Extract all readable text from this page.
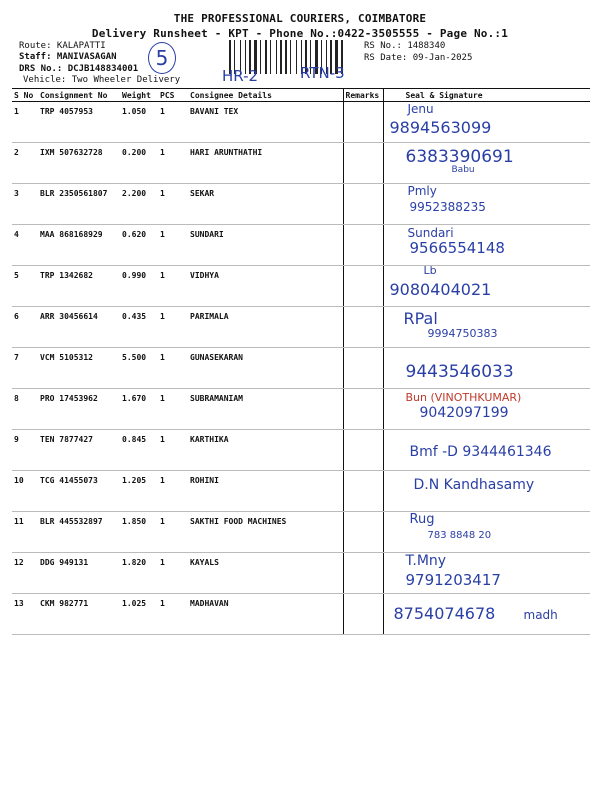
THE PROFESSIONAL COURIERS, COIMBATORE
Delivery Runsheet - KPT - Phone No.:0422-3505555 - Page No.:1
Route: KALAPATTI
Staff: MANIVASAGAN
DRS No.: DCJB148834001
Vehicle: Two Wheeler Delivery
RS No.: 1488340
RS Date: 09-Jan-2025
5
HR-2	RTN-3
S No	Consignment No	Weight	PCS	Consignee Details	Remarks	Seal & Signature
1	TRP 4057953	1.050	1	BAVANI TEX		Jenu
9894563099

2	IXM 507632728	0.200	1	HARI ARUNTHATHI		6383390691
Babu

3	BLR 2350561807	2.200	1	SEKAR		Pmly
9952388235

4	MAA 868168929	0.620	1	SUNDARI		Sundari
9566554148

5	TRP 1342682	0.990	1	VIDHYA		Lb
9080404021

6	ARR 30456614	0.435	1	PARIMALA		RPal
9994750383

7	VCM 5105312	5.500	1	GUNASEKARAN		9443546033

8	PRO 17453962	1.670	1	SUBRAMANIAM		Bun (VINOTHKUMAR)
9042097199

9	TEN 7877427	0.845	1	KARTHIKA		Bmf -D 9344461346

10	TCG 41455073	1.205	1	ROHINI		D.N Kandhasamy

11	BLR 445532897	1.850	1	SAKTHI FOOD MACHINES		Rug
783 8848 20

12	DDG 949131	1.820	1	KAYALS		T.Mny
9791203417

13	CKM 982771	1.025	1	MADHAVAN		8754074678 madh
